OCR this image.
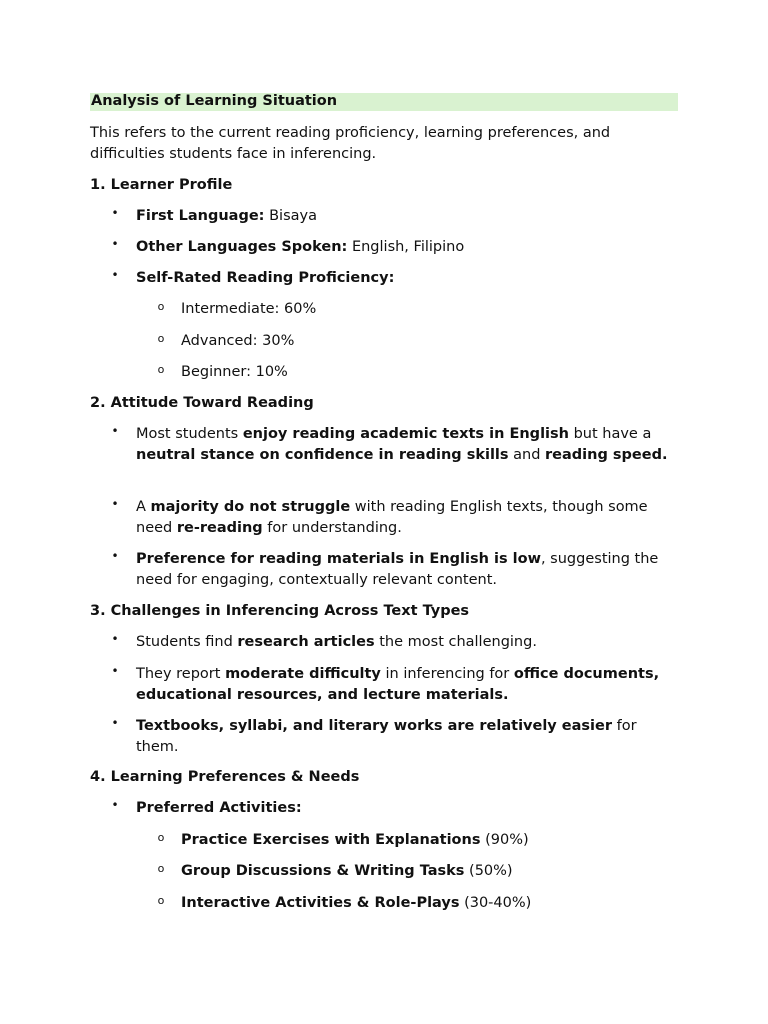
Analysis of Learning Situation

This refers to the current reading proficiency, learning preferences, and difficulties students face in inferencing.

1. Learner Profile

• First Language: Bisaya

• Other Languages Spoken: English, Filipino

• Self-Rated Reading Proficiency:

o Intermediate: 60%

o Advanced: 30%

o Beginner: 10%

2. Attitude Toward Reading

• Most students enjoy reading academic texts in English but have a neutral stance on confidence in reading skills and reading speed.

• A majority do not struggle with reading English texts, though some need re-reading for understanding.

• Preference for reading materials in English is low, suggesting the need for engaging, contextually relevant content.

3. Challenges in Inferencing Across Text Types

• Students find research articles the most challenging.

• They report moderate difficulty in inferencing for office documents, educational resources, and lecture materials.

• Textbooks, syllabi, and literary works are relatively easier for them.

4. Learning Preferences & Needs

• Preferred Activities:

o Practice Exercises with Explanations (90%)

o Group Discussions & Writing Tasks (50%)

o Interactive Activities & Role-Plays (30-40%)
